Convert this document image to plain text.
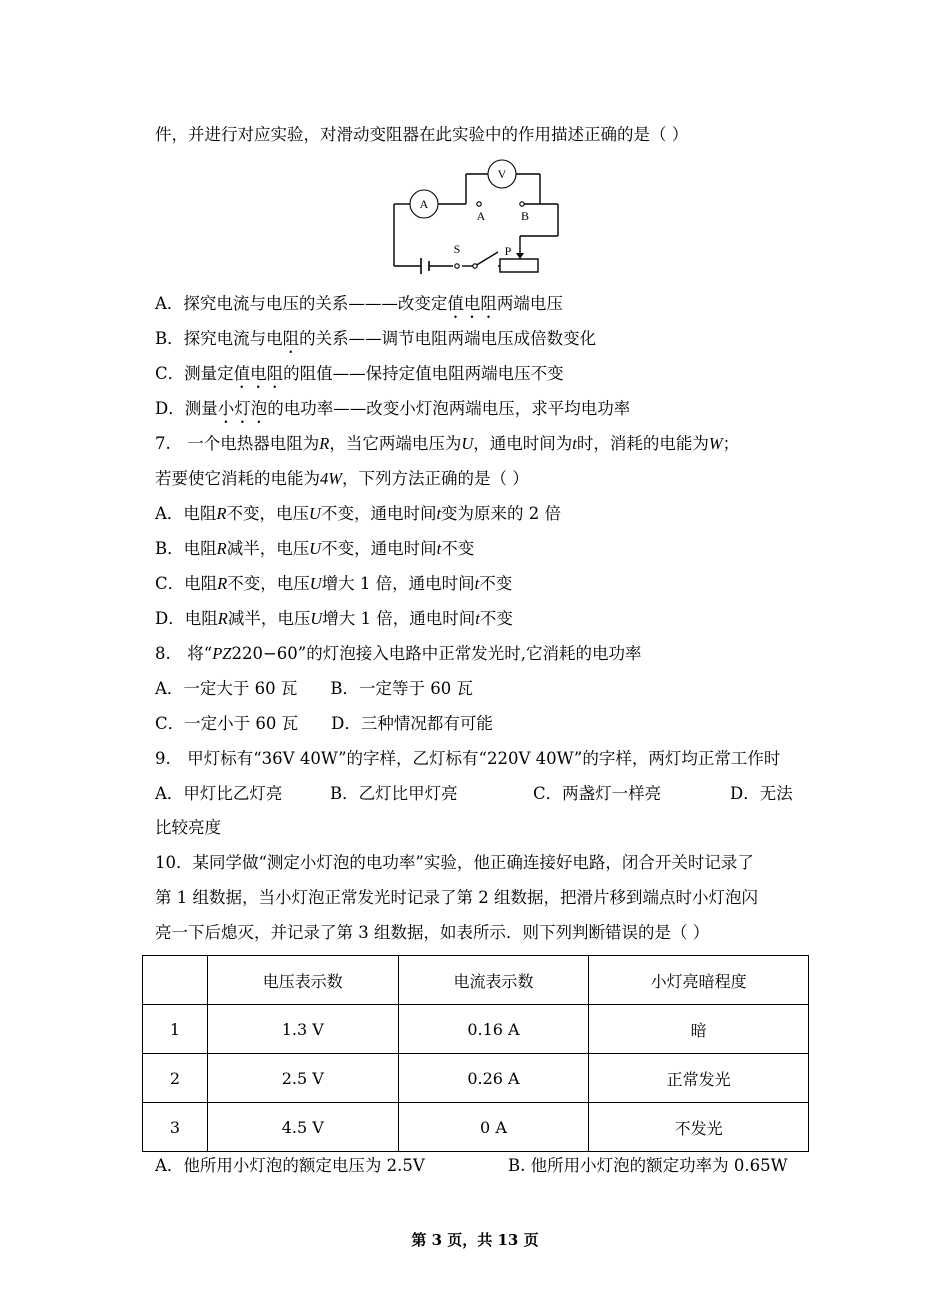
件，并进行对应实验，对滑动变阻器在此实验中的作用描述正确的是（ ）
A
V
A	B
S	P
A．探究电流与电压的关系———改变定值电阻两端电压
B．探究电流与电阻的关系——调节电阻两端电压成倍数变化
C．测量定值电阻的阻值——保持定值电阻两端电压不变
D．测量小灯泡的电功率——改变小灯泡两端电压，求平均电功率
7.　一个电热器电阻为R，当它两端电压为U，通电时间为t时，消耗的电能为W；
若要使它消耗的电能为4W，下列方法正确的是（ ）
A．电阻R不变，电压U不变，通电时间t变为原来的 2 倍
B．电阻R减半，电压U不变，通电时间t不变
C．电阻R不变，电压U增大 1 倍，通电时间t不变
D．电阻R减半，电压U增大 1 倍，通电时间t不变
8.　将“PZ220−60”的灯泡接入电路中正常发光时,它消耗的电功率
A．一定大于 60 瓦　　B．一定等于 60 瓦
C．一定小于 60 瓦　　D．三种情况都有可能
9.　甲灯标有“36V 40W”的字样，乙灯标有“220V 40W”的字样，两灯均正常工作时
A．甲灯比乙灯亮	B．乙灯比甲灯亮	C．两盏灯一样亮	D．无法
比较亮度
10．某同学做“测定小灯泡的电功率”实验，他正确连接好电路，闭合开关时记录了
第 1 组数据，当小灯泡正常发光时记录了第 2 组数据，把滑片移到端点时小灯泡闪
亮一下后熄灭，并记录了第 3 组数据，如表所示．则下列判断错误的是（ ）
	电压表示数	电流表示数	小灯亮暗程度
1	1.3 V	0.16 A	暗
2	2.5 V	0.26 A	正常发光
3	4.5 V	0 A	不发光
A．他所用小灯泡的额定电压为 2.5V	B. 他所用小灯泡的额定功率为 0.65W
第 3 页，共 13 页
